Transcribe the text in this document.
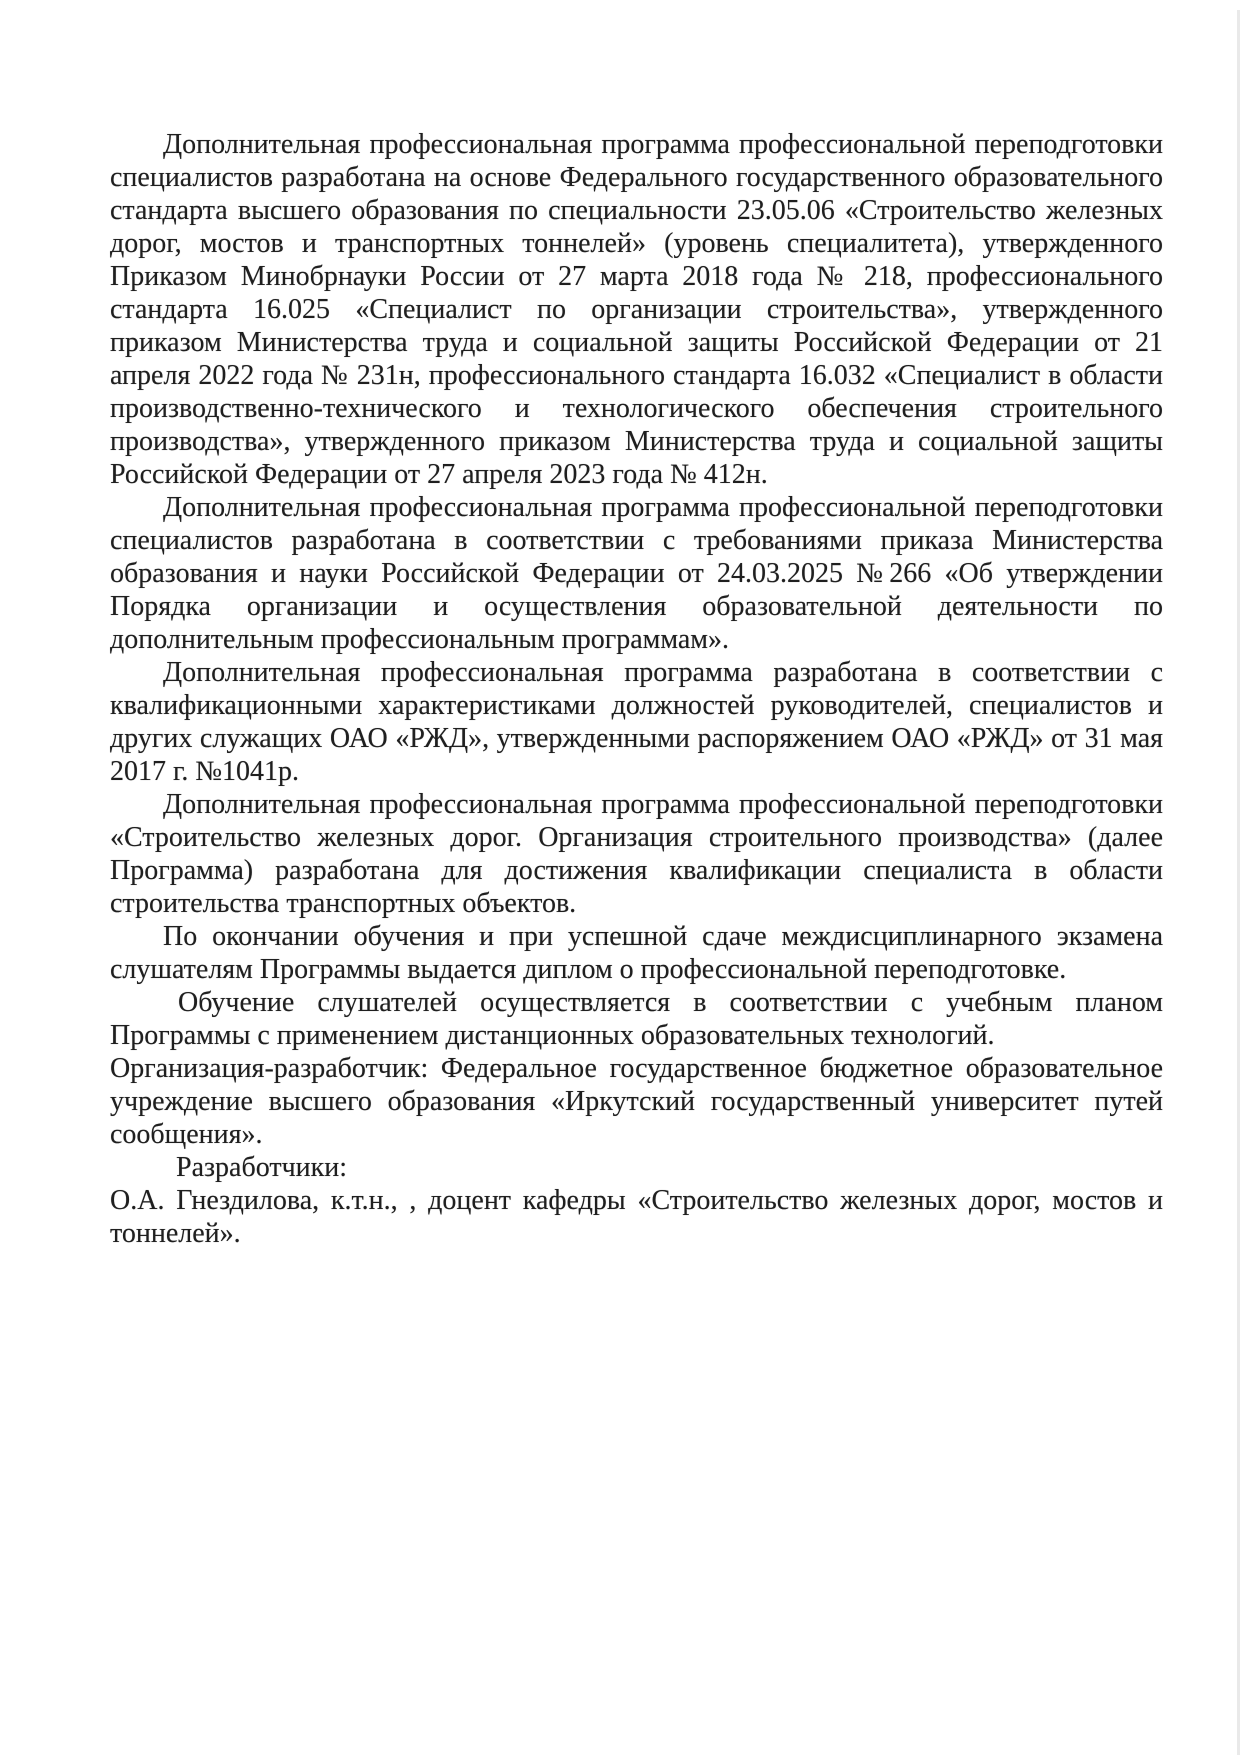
Дополнительная профессиональная программа профессиональной переподготовки специалистов разработана на основе Федерального государственного образовательного стандарта высшего образования по специальности 23.05.06 «Строительство железных дорог, мостов и транспортных тоннелей» (уровень специалитета), утвержденного Приказом Минобрнауки России от 27 марта 2018 года № 218, профессионального стандарта 16.025 «Специалист по организации строительства», утвержденного приказом Министерства труда и социальной защиты Российской Федерации от 21 апреля 2022 года № 231н, профессионального стандарта 16.032 «Специалист в области производственно-технического и технологического обеспечения строительного производства», утвержденного приказом Министерства труда и социальной защиты Российской Федерации от 27 апреля 2023 года № 412н.

Дополнительная профессиональная программа профессиональной переподготовки специалистов разработана в соответствии с требованиями приказа Министерства образования и науки Российской Федерации от 24.03.2025 №266 «Об утверждении Порядка организации и осуществления образовательной деятельности по дополнительным профессиональным программам».

Дополнительная профессиональная программа разработана в соответствии с квалификационными характеристиками должностей руководителей, специалистов и других служащих ОАО «РЖД», утвержденными распоряжением ОАО «РЖД» от 31 мая 2017 г. №1041р.

Дополнительная профессиональная программа профессиональной переподготовки «Строительство железных дорог. Организация строительного производства» (далее Программа) разработана для достижения квалификации специалиста в области строительства транспортных объектов.

По окончании обучения и при успешной сдаче междисциплинарного экзамена слушателям Программы выдается диплом о профессиональной переподготовке.

Обучение слушателей осуществляется в соответствии с учебным планом Программы с применением дистанционных образовательных технологий.

Организация-разработчик: Федеральное государственное бюджетное образовательное учреждение высшего образования «Иркутский государственный университет путей сообщения».

Разработчики:

О.А. Гнездилова, к.т.н., , доцент кафедры «Строительство железных дорог, мостов и тоннелей».
